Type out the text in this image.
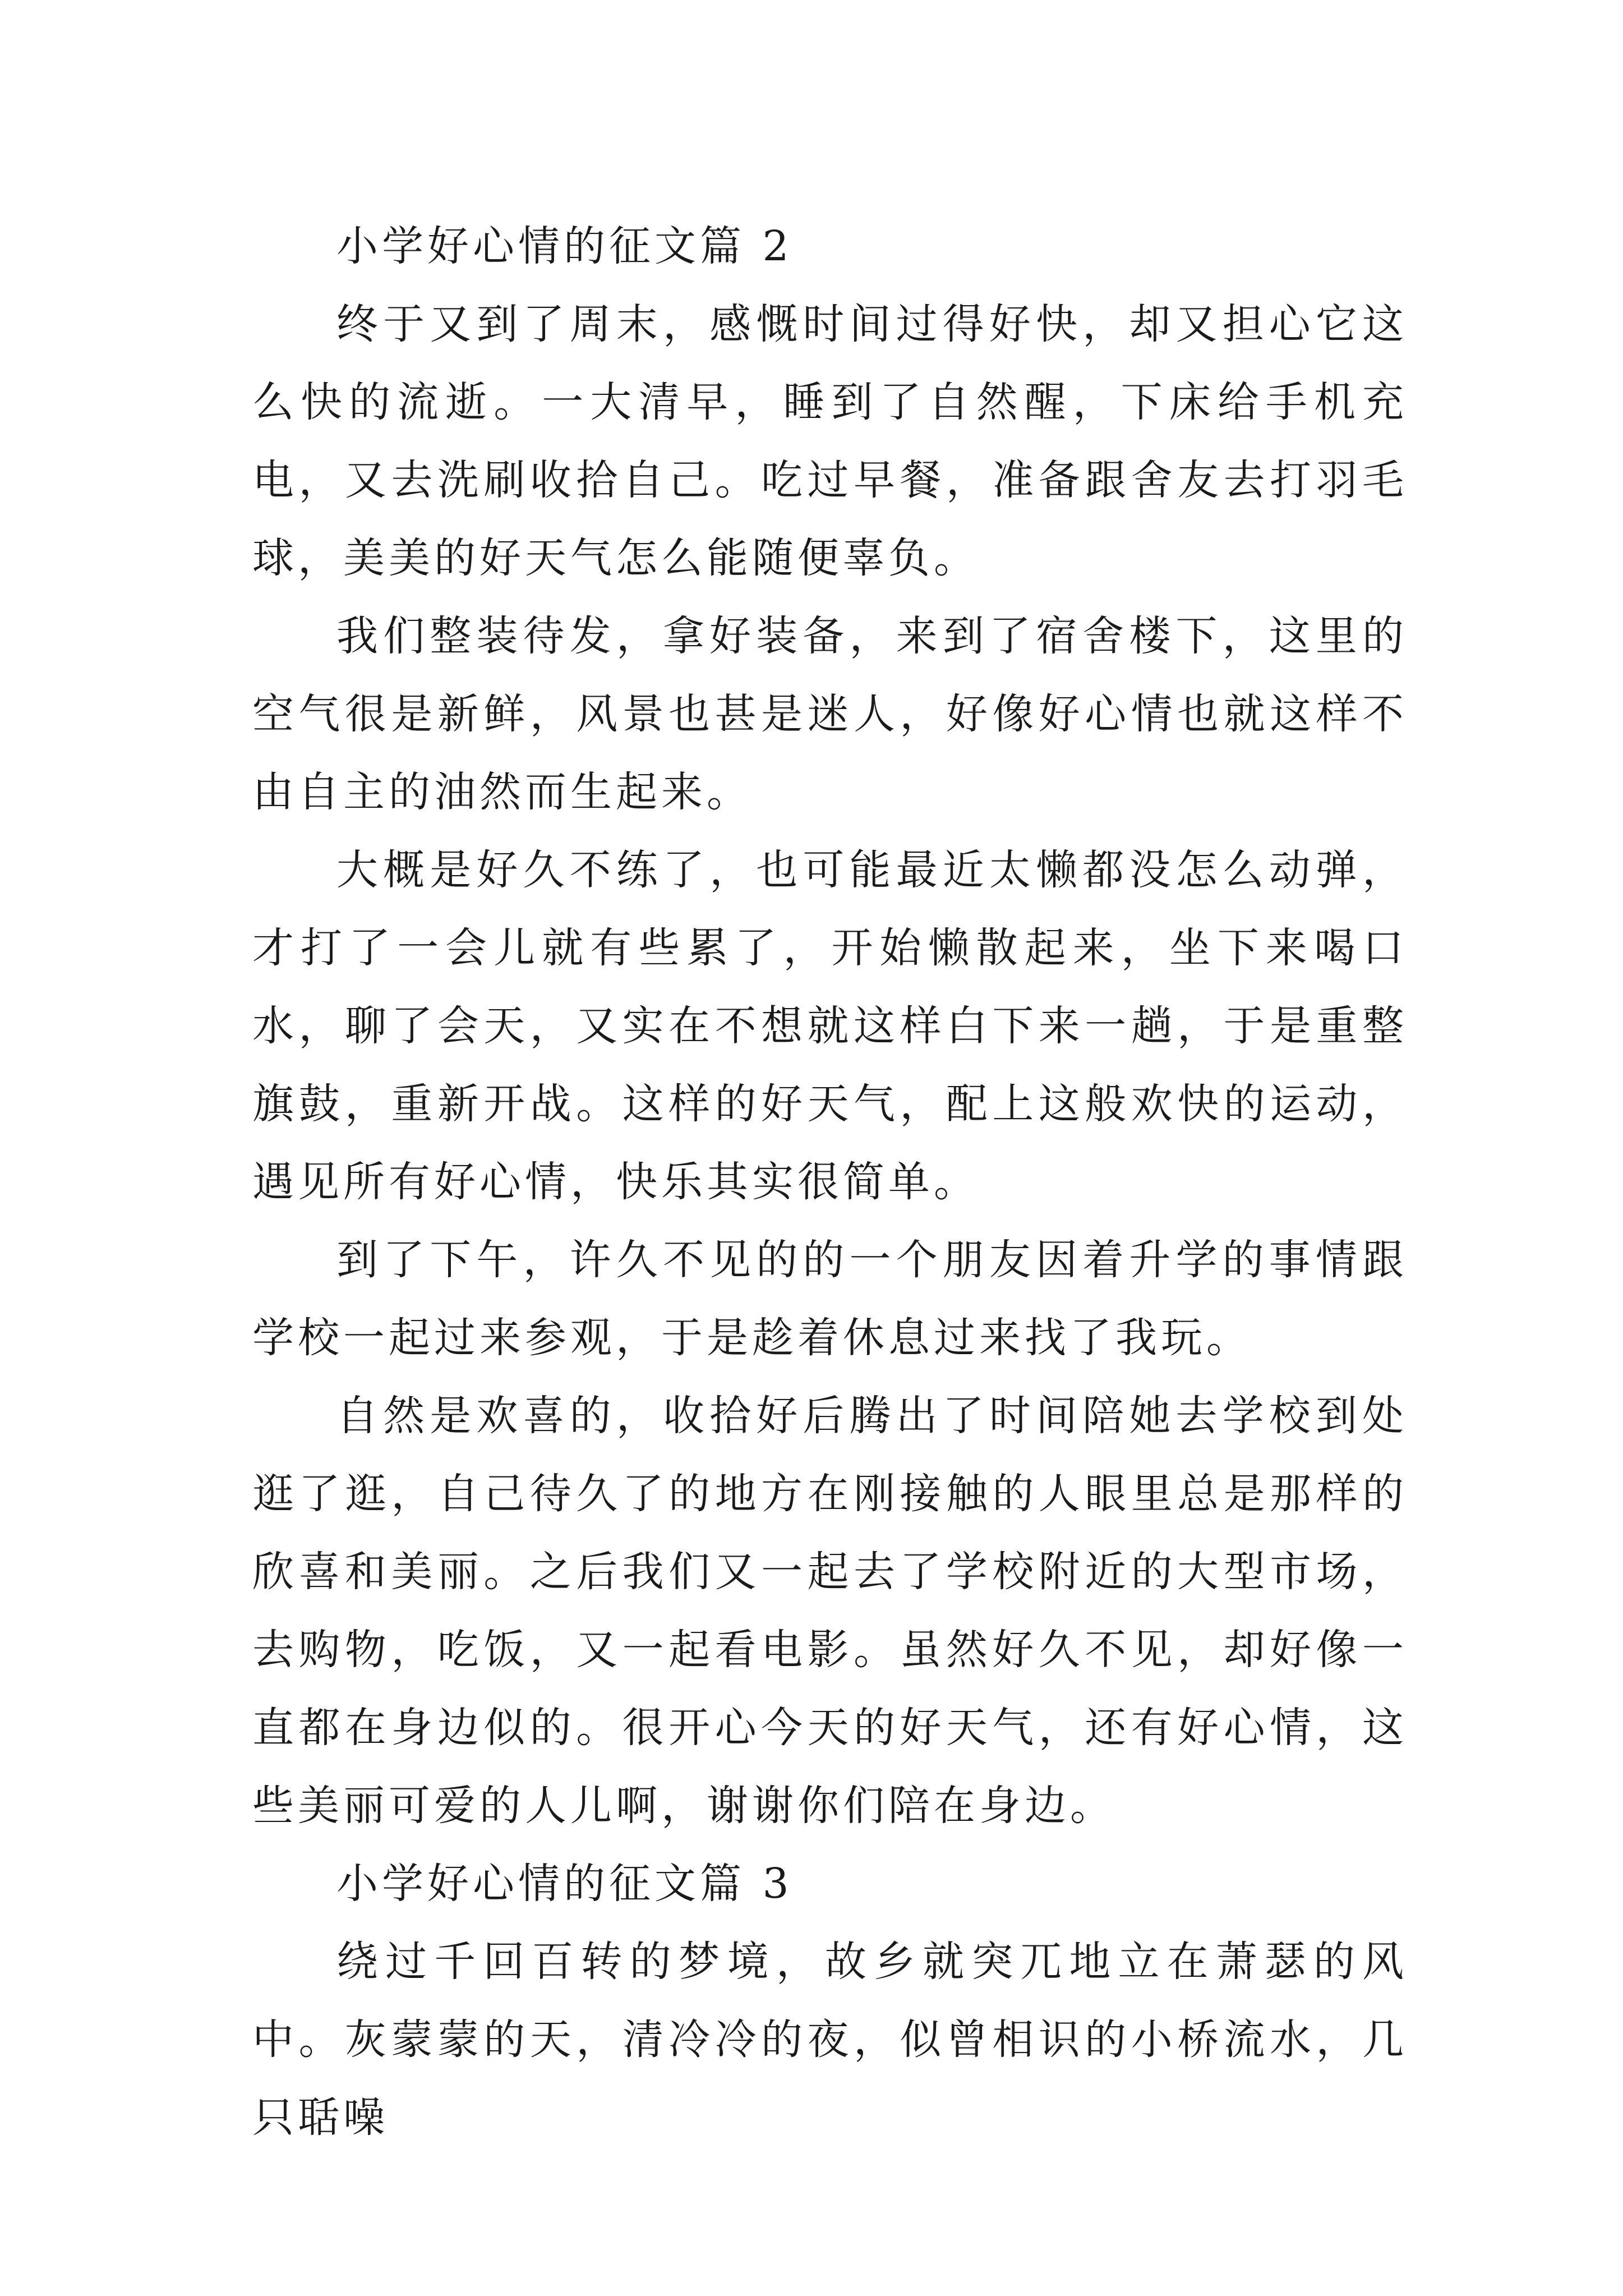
小学好心情的征文篇 2

终于又到了周末，感慨时间过得好快，却又担心它这么快的流逝。一大清早，睡到了自然醒，下床给手机充电，又去洗刷收拾自己。吃过早餐，准备跟舍友去打羽毛球，美美的好天气怎么能随便辜负。

我们整装待发，拿好装备，来到了宿舍楼下，这里的空气很是新鲜，风景也甚是迷人，好像好心情也就这样不由自主的油然而生起来。

大概是好久不练了，也可能最近太懒都没怎么动弹，才打了一会儿就有些累了，开始懒散起来，坐下来喝口水，聊了会天，又实在不想就这样白下来一趟，于是重整旗鼓，重新开战。这样的好天气，配上这般欢快的运动，遇见所有好心情，快乐其实很简单。

到了下午，许久不见的的一个朋友因着升学的事情跟学校一起过来参观，于是趁着休息过来找了我玩。

自然是欢喜的，收拾好后腾出了时间陪她去学校到处逛了逛，自己待久了的地方在刚接触的人眼里总是那样的欣喜和美丽。之后我们又一起去了学校附近的大型市场，去购物，吃饭，又一起看电影。虽然好久不见，却好像一直都在身边似的。很开心今天的好天气，还有好心情，这些美丽可爱的人儿啊，谢谢你们陪在身边。

小学好心情的征文篇 3

绕过千回百转的梦境，故乡就突兀地立在萧瑟的风中。灰蒙蒙的天，清冷冷的夜，似曾相识的小桥流水，几只聒噪
